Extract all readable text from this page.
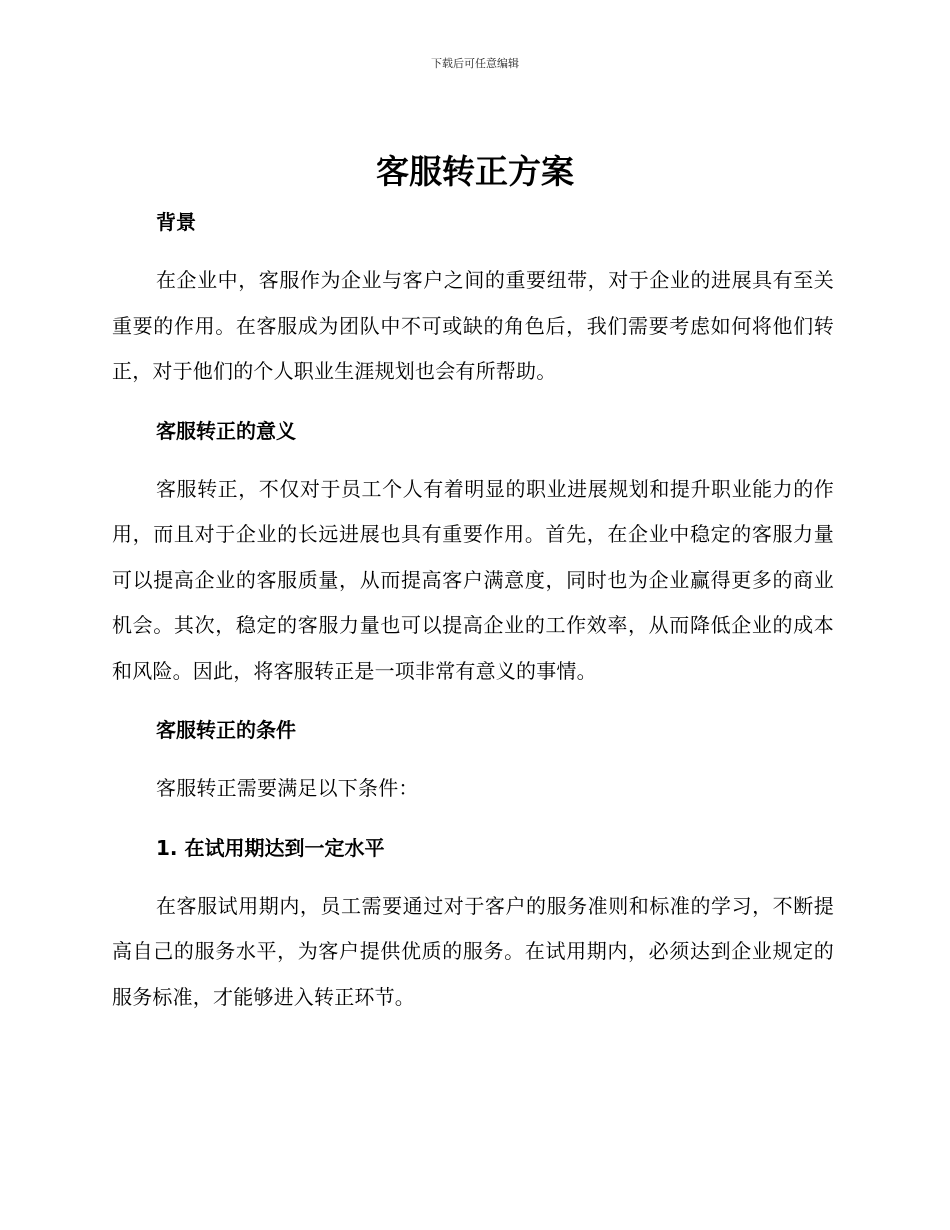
下载后可任意编辑
客服转正方案
背景

在企业中，客服作为企业与客户之间的重要纽带，对于企业的进展具有至关重要的作用。在客服成为团队中不可或缺的角色后，我们需要考虑如何将他们转正，对于他们的个人职业生涯规划也会有所帮助。

客服转正的意义

客服转正，不仅对于员工个人有着明显的职业进展规划和提升职业能力的作用，而且对于企业的长远进展也具有重要作用。首先，在企业中稳定的客服力量可以提高企业的客服质量，从而提高客户满意度，同时也为企业赢得更多的商业机会。其次，稳定的客服力量也可以提高企业的工作效率，从而降低企业的成本和风险。因此，将客服转正是一项非常有意义的事情。

客服转正的条件

客服转正需要满足以下条件：

1. 在试用期达到一定水平

在客服试用期内，员工需要通过对于客户的服务准则和标准的学习，不断提高自己的服务水平，为客户提供优质的服务。在试用期内，必须达到企业规定的服务标准，才能够进入转正环节。
